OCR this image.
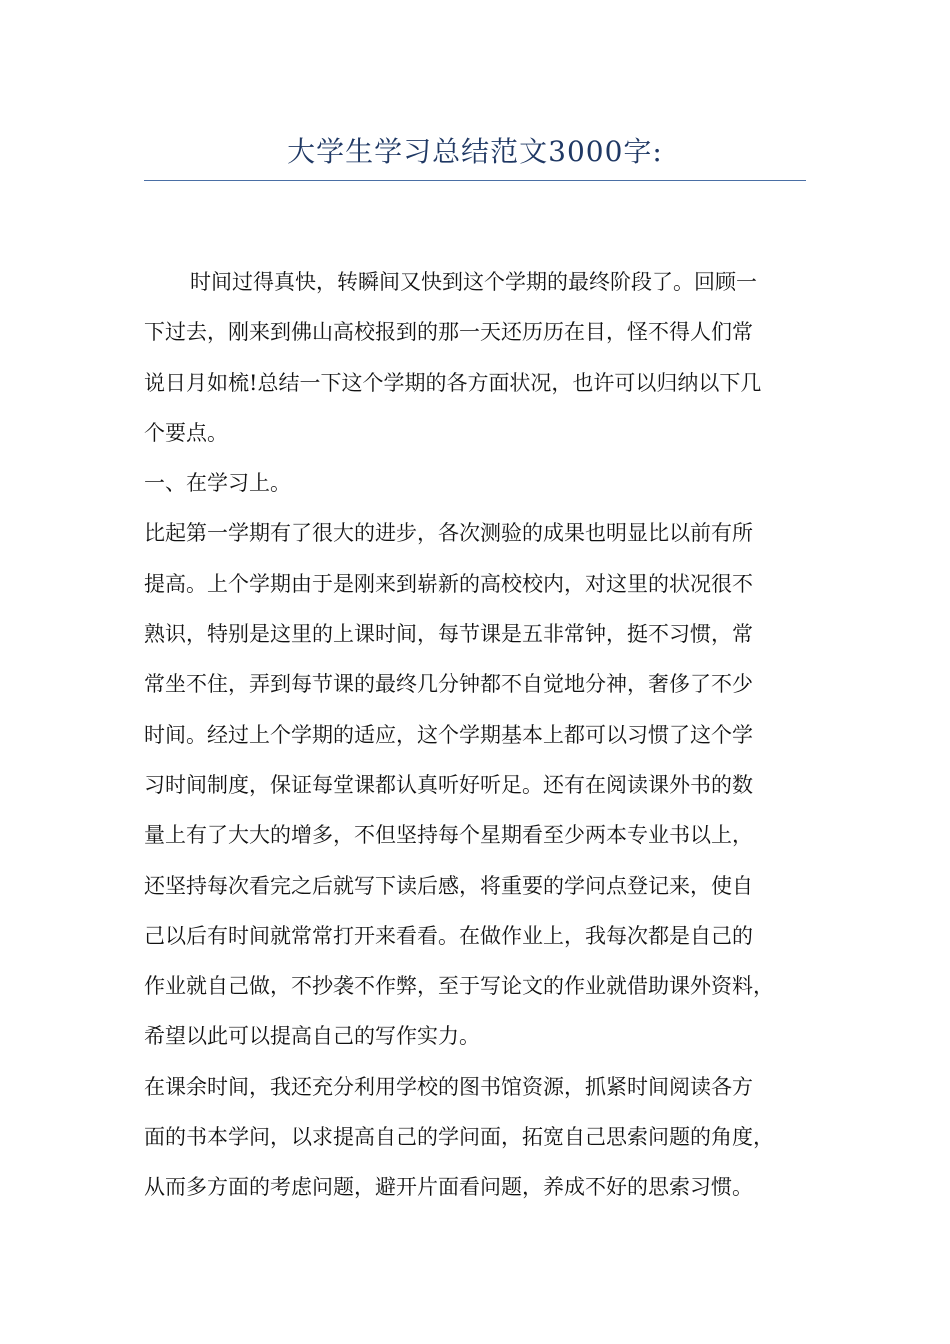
大学生学习总结范文3000字:
时间过得真快，转瞬间又快到这个学期的最终阶段了。回顾一
下过去，刚来到佛山高校报到的那一天还历历在目，怪不得人们常
说日月如梳!总结一下这个学期的各方面状况，也许可以归纳以下几
个要点。
一、在学习上。
比起第一学期有了很大的进步，各次测验的成果也明显比以前有所
提高。上个学期由于是刚来到崭新的高校校内，对这里的状况很不
熟识，特别是这里的上课时间，每节课是五非常钟，挺不习惯，常
常坐不住，弄到每节课的最终几分钟都不自觉地分神，奢侈了不少
时间。经过上个学期的适应，这个学期基本上都可以习惯了这个学
习时间制度，保证每堂课都认真听好听足。还有在阅读课外书的数
量上有了大大的增多，不但坚持每个星期看至少两本专业书以上，
还坚持每次看完之后就写下读后感，将重要的学问点登记来，使自
己以后有时间就常常打开来看看。在做作业上，我每次都是自己的
作业就自己做，不抄袭不作弊，至于写论文的作业就借助课外资料，
希望以此可以提高自己的写作实力。
在课余时间，我还充分利用学校的图书馆资源，抓紧时间阅读各方
面的书本学问，以求提高自己的学问面，拓宽自己思索问题的角度，
从而多方面的考虑问题，避开片面看问题，养成不好的思索习惯。
